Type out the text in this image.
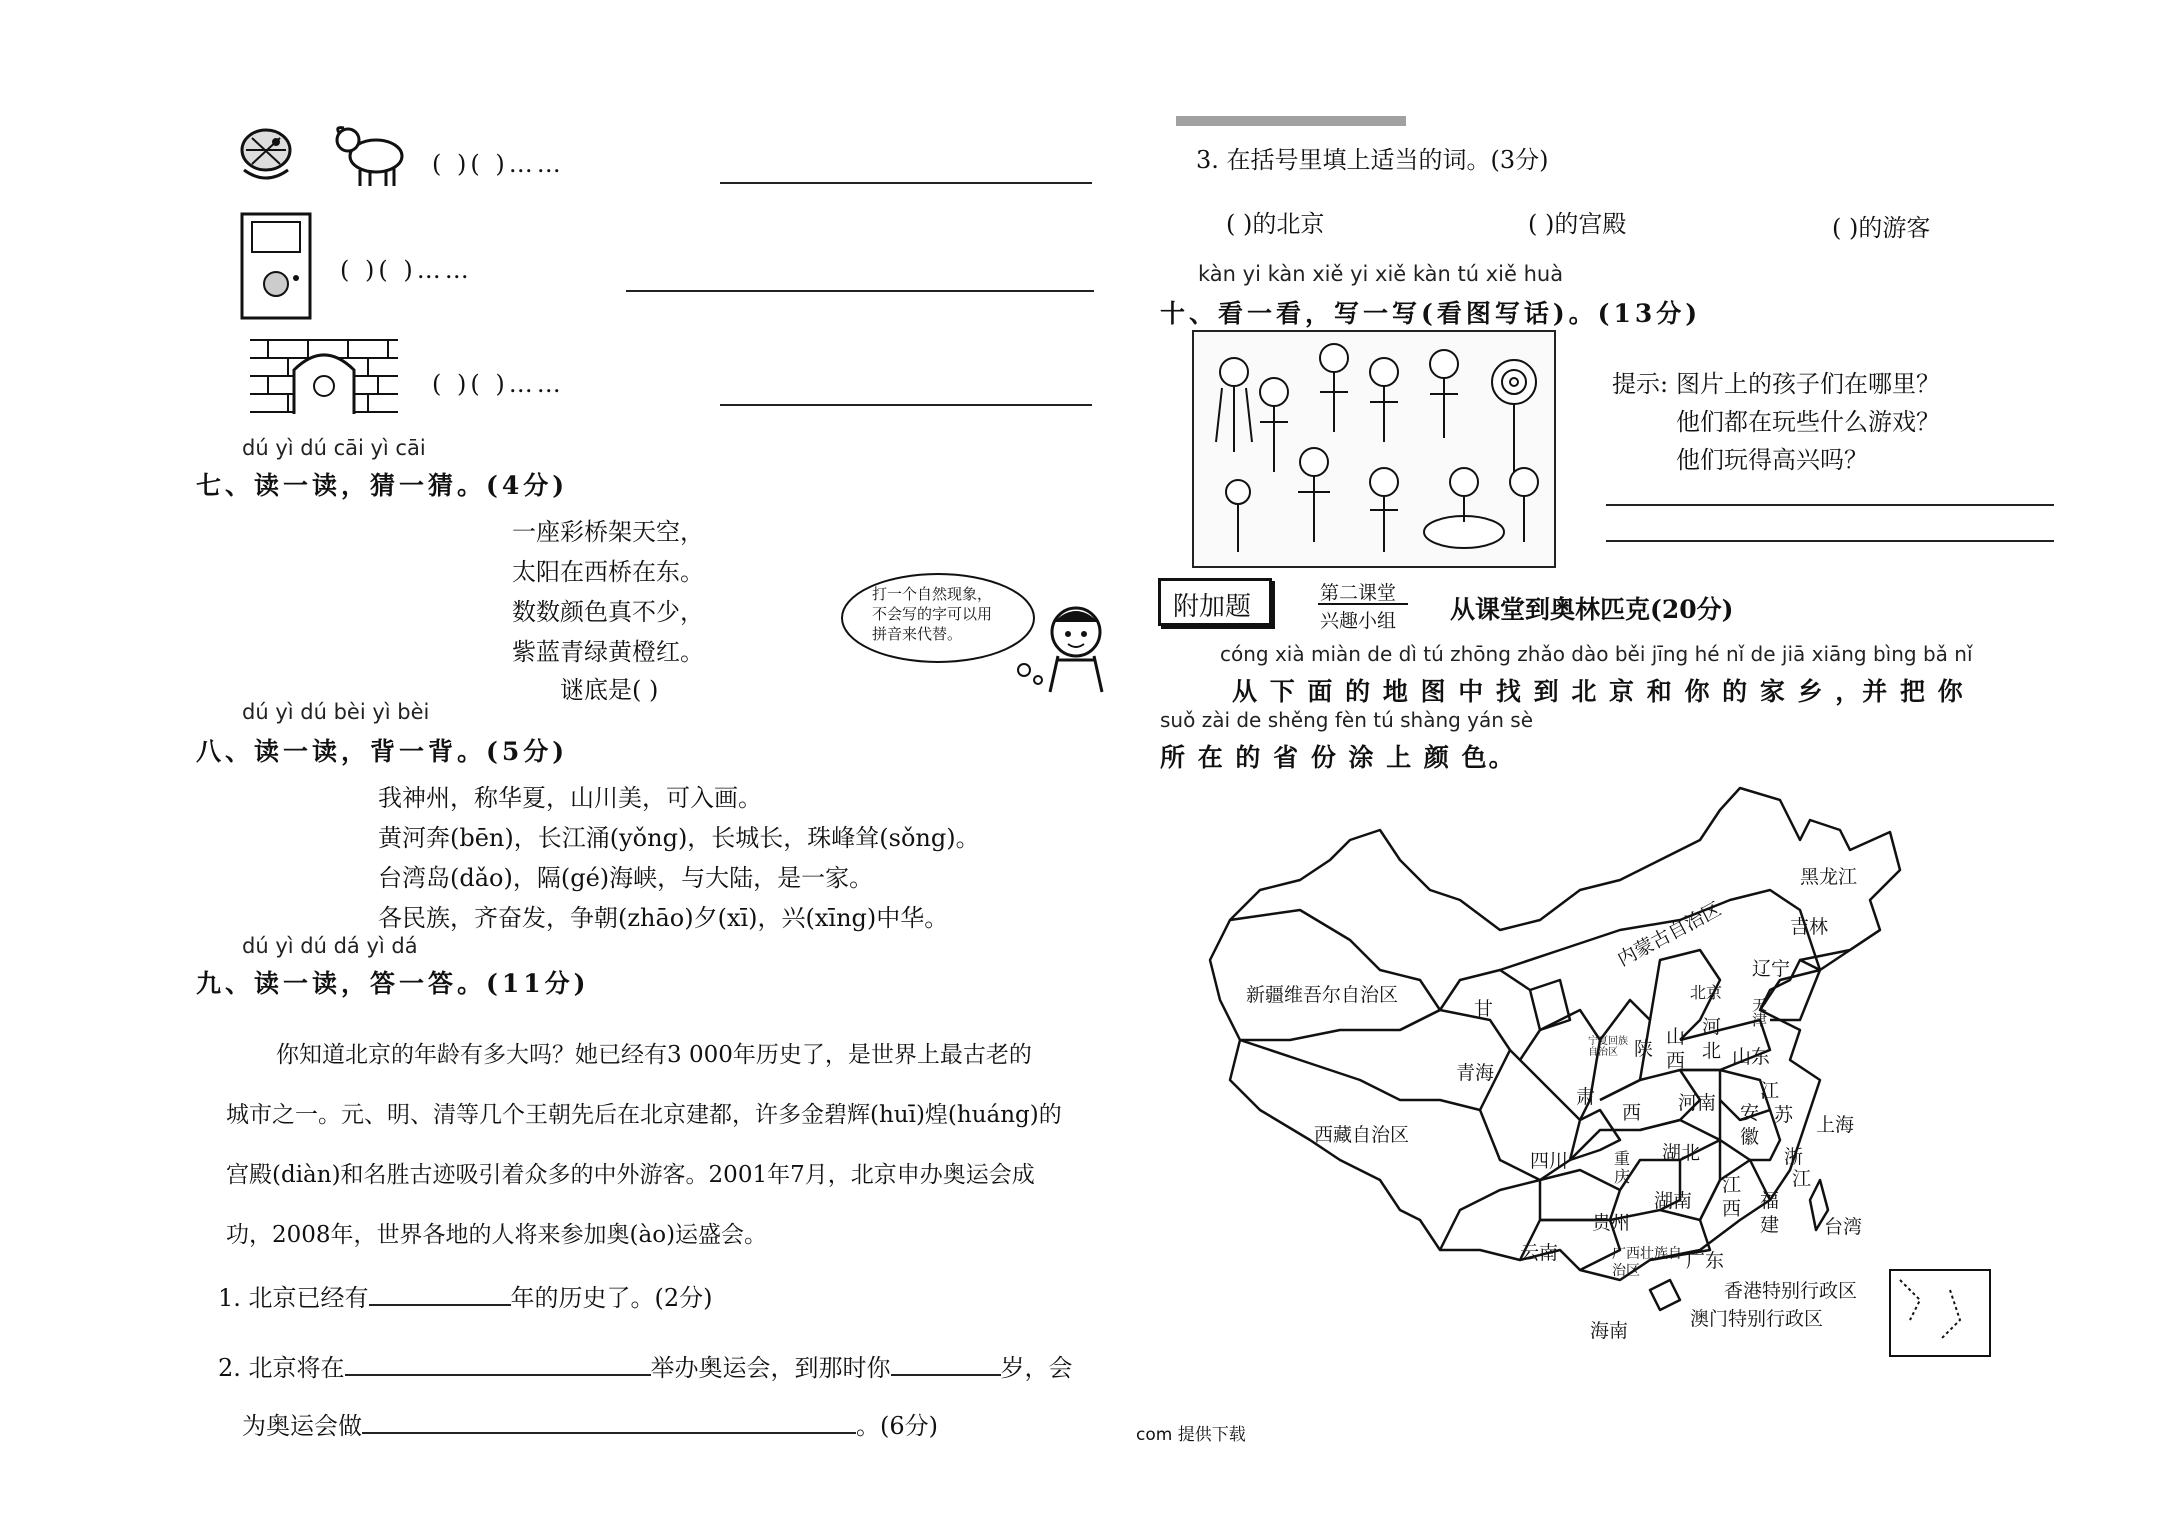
( )( )……
( )( )……
( )( )……
dú yì dú cāi yì cāi
七、读一读，猜一猜。(4分)
一座彩桥架天空，
太阳在西桥在东。
数数颜色真不少，
紫蓝青绿黄橙红。
谜底是( )
打一个自然现象，不会写的字可以用拼音来代替。
dú yì dú bèi yì bèi
八、读一读，背一背。(5分)
我神州，称华夏，山川美，可入画。
黄河奔(bēn)，长江涌(yǒng)，长城长，珠峰耸(sǒng)。
台湾岛(dǎo)，隔(gé)海峡，与大陆，是一家。
各民族，齐奋发，争朝(zhāo)夕(xī)，兴(xīng)中华。
dú yì dú dá yì dá
九、读一读，答一答。(11分)
你知道北京的年龄有多大吗？她已经有3 000年历史了，是世界上最古老的
城市之一。元、明、清等几个王朝先后在北京建都，许多金碧辉(huī)煌(huáng)的
宫殿(diàn)和名胜古迹吸引着众多的中外游客。2001年7月，北京申办奥运会成
功，2008年，世界各地的人将来参加奥(ào)运盛会。
1. 北京已经有	年的历史了。(2分)
2. 北京将在	举办奥运会，到那时你	岁，会
为奥运会做	。(6分)
3. 在括号里填上适当的词。(3分)
( )的北京	( )的宫殿	( )的游客
kàn yi kàn xiě yi xiě kàn tú xiě huà
十、看一看，写一写(看图写话)。(13分)
提示: 图片上的孩子们在哪里？
他们都在玩些什么游戏？
他们玩得高兴吗？
附加题	第二课堂
兴趣小组 从课堂到奥林匹克(20分)
cóng xià miàn de dì tú zhōng zhǎo dào běi jīng hé nǐ de jiā xiāng bìng bǎ nǐ
从 下 面 的 地 图 中 找 到 北 京 和 你 的 家 乡 ，并 把 你
suǒ zài de shěng fèn tú shàng yán sè
所 在 的 省 份 涂 上 颜 色。
黑龙江
吉林
辽宁
内蒙古自治区
新疆维吾尔自治区
甘
北京
天津
河
北
山
西
陕
宁夏回族自治区	山东
青海
肃
西 河南
江
苏
安
徽
上海
西藏自治区
四川	重庆
湖北	浙
江
湖南
江
西 福
建 台湾
贵州
云南	广西壮族自治区	广东
香港特别行政区
澳门特别行政区
海南
com 提供下载
